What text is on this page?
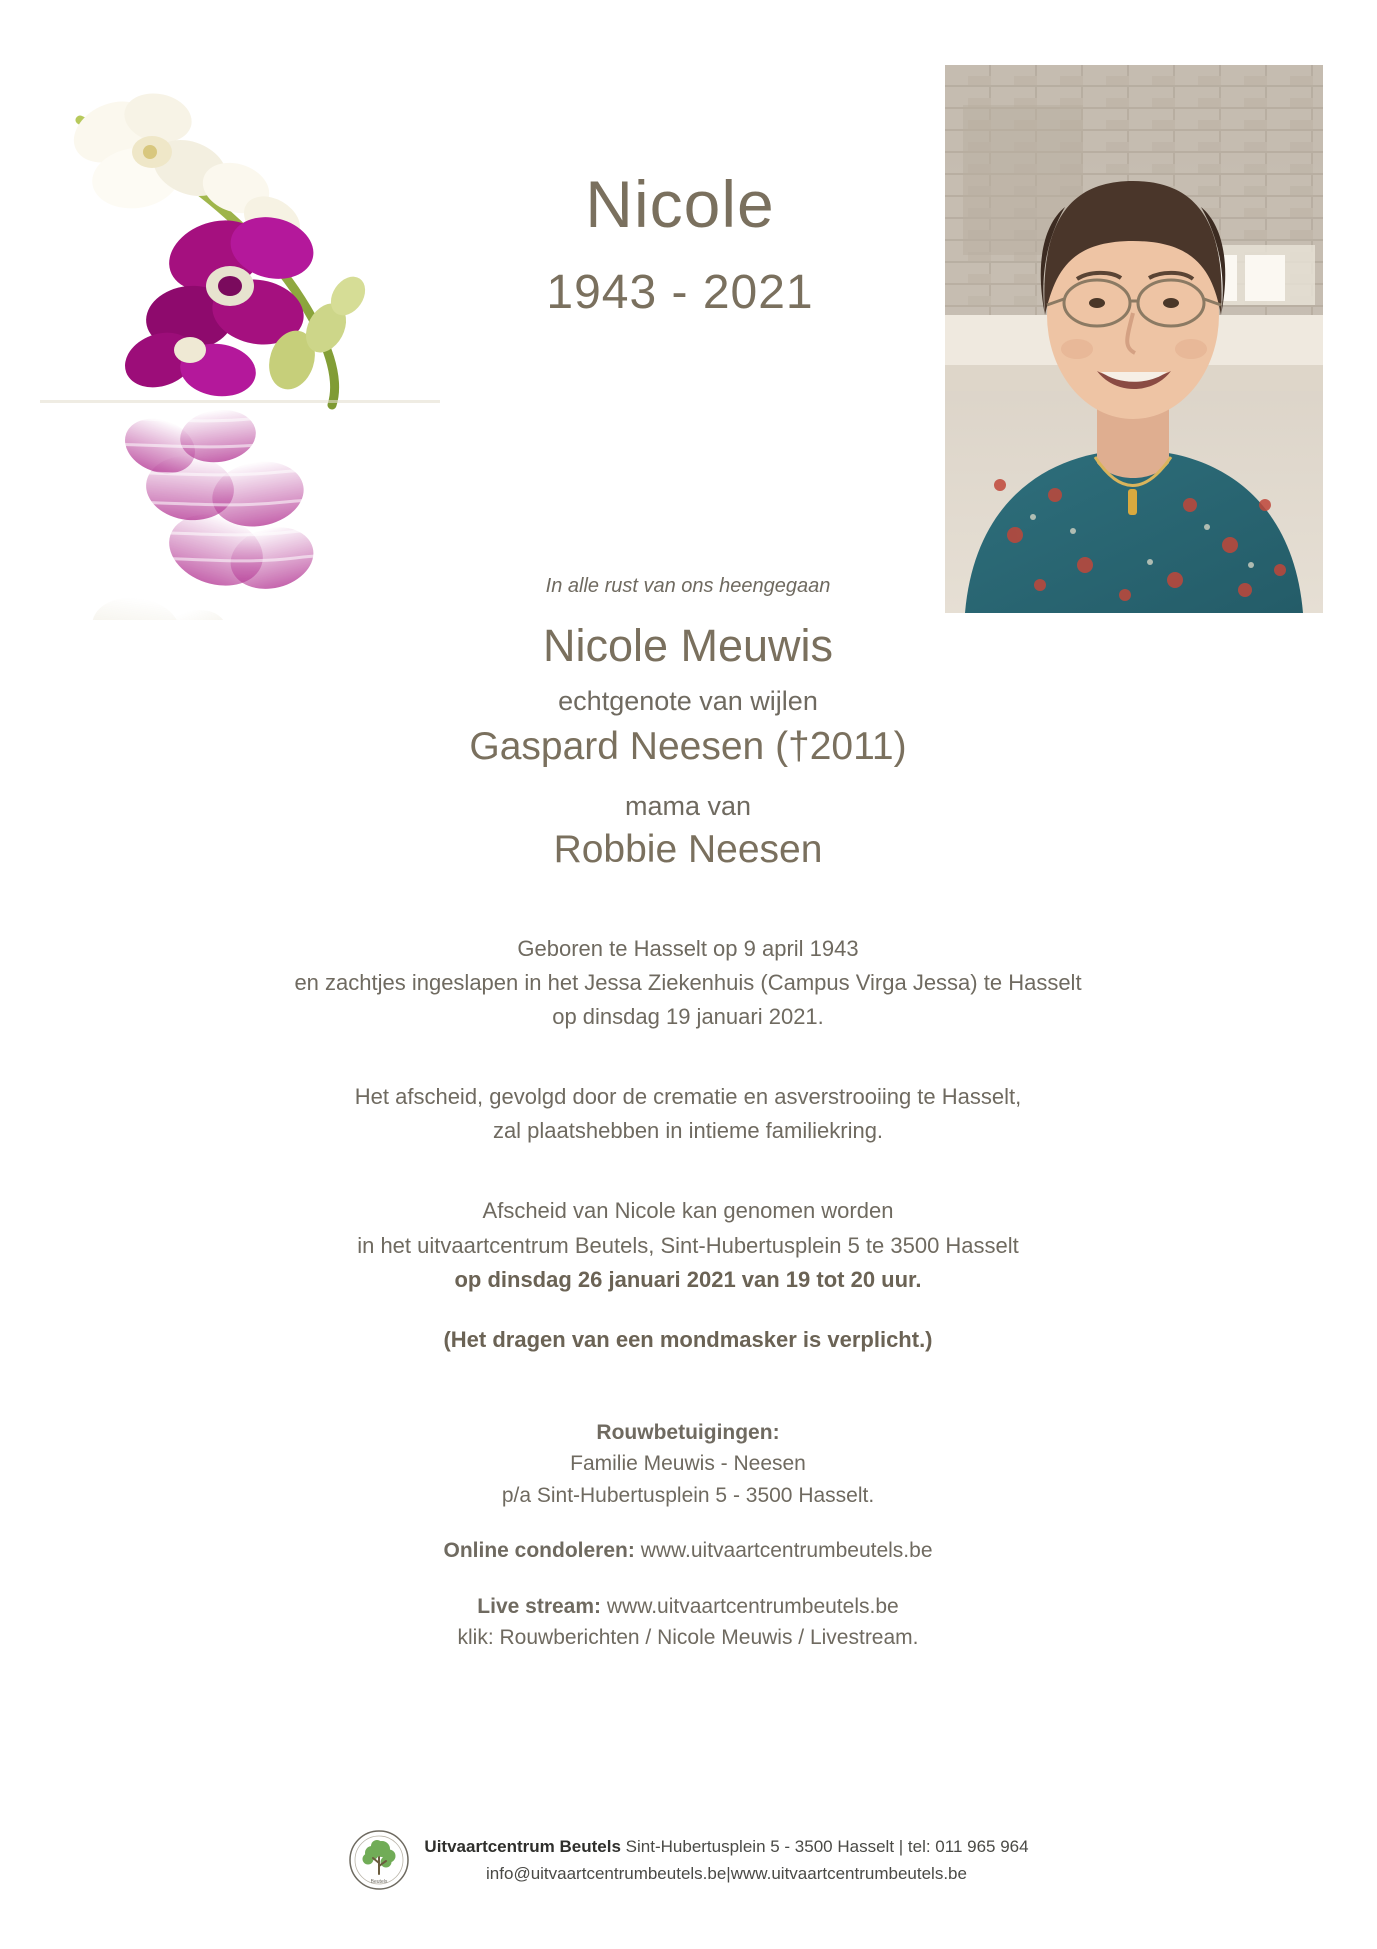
Nicole
1943 - 2021
In alle rust van ons heengegaan
Nicole Meuwis
echtgenote van wijlen
Gaspard Neesen (†2011)
mama van
Robbie Neesen
Geboren te Hasselt op 9 april 1943
en zachtjes ingeslapen in het Jessa Ziekenhuis (Campus Virga Jessa) te Hasselt
op dinsdag 19 januari 2021.
Het afscheid, gevolgd door de crematie en asverstrooiing te Hasselt,
zal plaatshebben in intieme familiekring.
Afscheid van Nicole kan genomen worden
in het uitvaartcentrum Beutels, Sint-Hubertusplein 5 te 3500 Hasselt
op dinsdag 26 januari 2021 van 19 tot 20 uur.
(Het dragen van een mondmasker is verplicht.)
Rouwbetuigingen:
Familie Meuwis - Neesen
p/a Sint-Hubertusplein 5 - 3500 Hasselt.
Online condoleren: www.uitvaartcentrumbeutels.be
Live stream: www.uitvaartcentrumbeutels.be
klik: Rouwberichten / Nicole Meuwis / Livestream.
Beutels
Uitvaartcentrum Beutels Sint-Hubertusplein 5 - 3500 Hasselt | tel: 011 965 964
info@uitvaartcentrumbeutels.be|www.uitvaartcentrumbeutels.be
